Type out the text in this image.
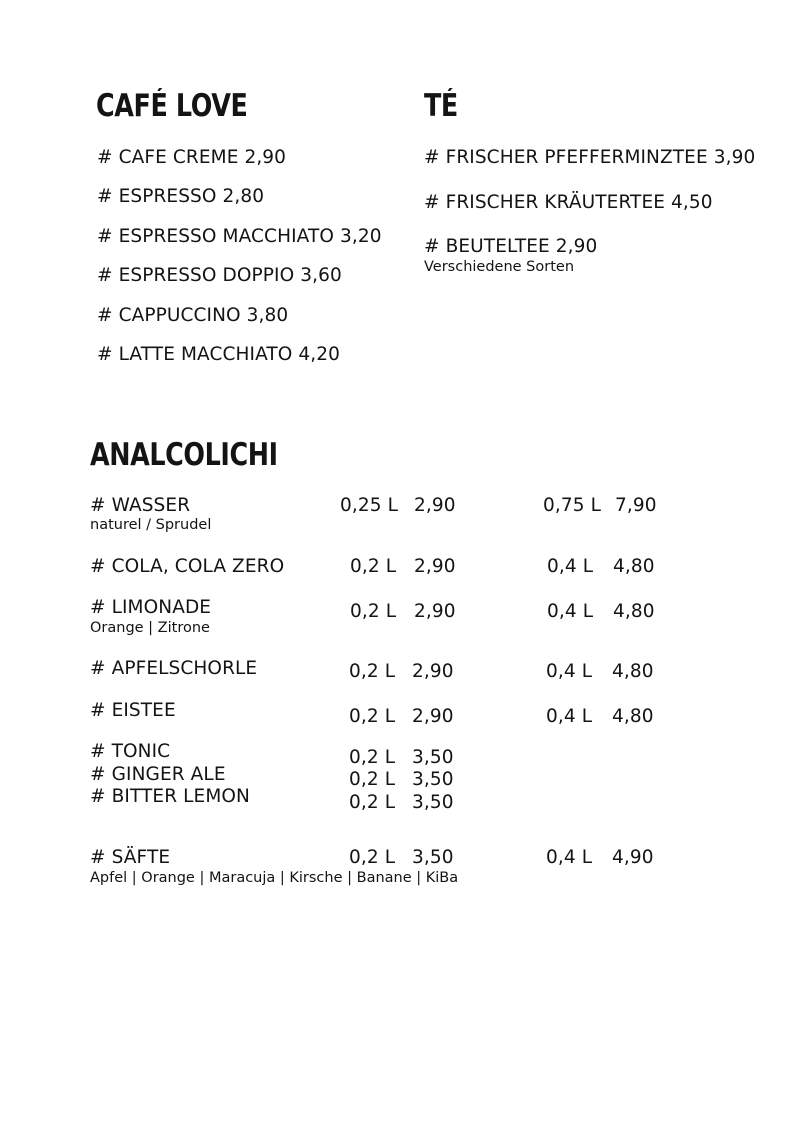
CAFÉ LOVE
# CAFE CREME 2,90
# ESPRESSO 2,80
# ESPRESSO MACCHIATO 3,20
# ESPRESSO DOPPIO 3,60
# CAPPUCCINO 3,80
# LATTE MACCHIATO 4,20
TÉ
# FRISCHER PFEFFERMINZTEE 3,90
# FRISCHER KRÄUTERTEE 4,50
# BEUTELTEE 2,90
Verschiedene Sorten
ANALCOLICHI
# WASSER
naturel / Sprudel
0,25 L 2,90	0,75 L 7,90
# COLA, COLA ZERO	0,2 L 2,90	0,4 L 4,80
# LIMONADE
Orange | Zitrone
0,2 L 2,90	0,4 L 4,80
# APFELSCHORLE	0,2 L 2,90	0,4 L 4,80
# EISTEE	0,2 L 2,90	0,4 L 4,80
# TONIC	0,2 L 3,50
# GINGER ALE	0,2 L 3,50
# BITTER LEMON	0,2 L 3,50
# SÄFTE
Apfel | Orange | Maracuja | Kirsche | Banane | KiBa
0,2 L 3,50	0,4 L 4,90
